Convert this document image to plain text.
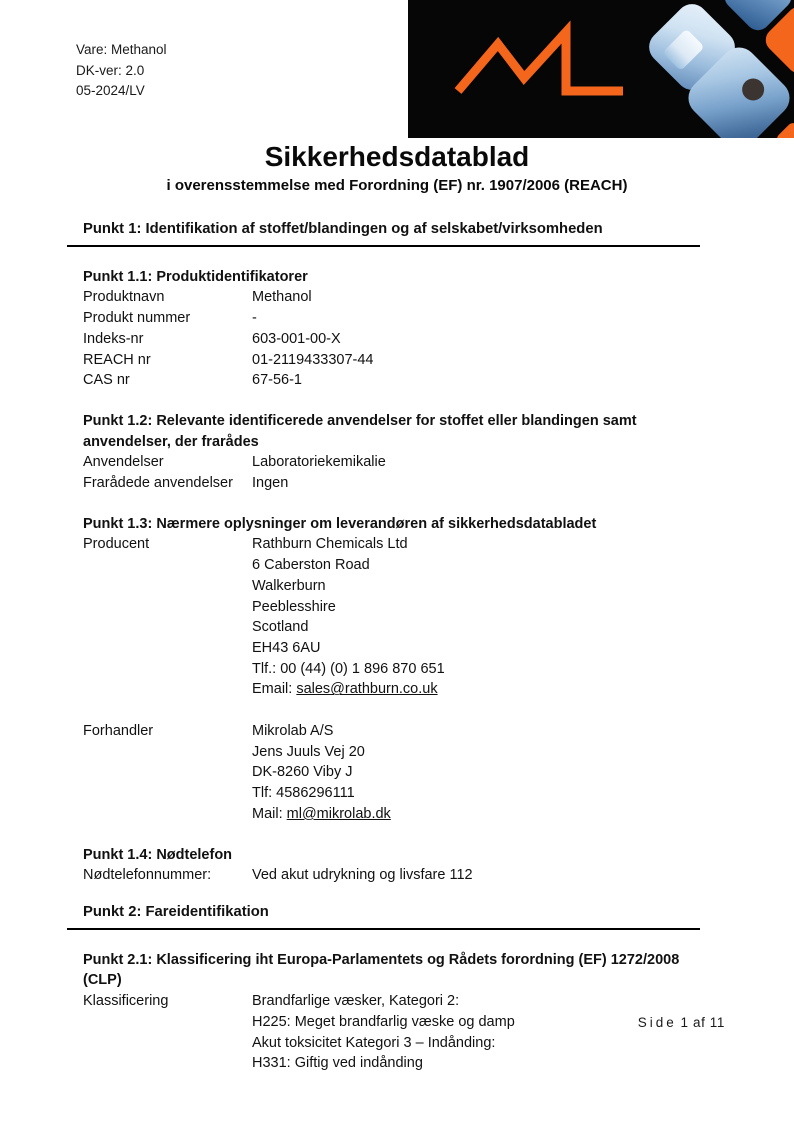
Vare: Methanol
DK-ver: 2.0
05-2024/LV
Sikkerhedsdatablad
i overensstemmelse med Forordning (EF) nr. 1907/2006 (REACH)
Punkt 1: Identifikation af stoffet/blandingen og af selskabet/virksomheden
Punkt 1.1: Produktidentifikatorer
Produktnavn	Methanol
Produkt nummer	-
Indeks-nr	603-001-00-X
REACH nr	01-2119433307-44
CAS nr	67-56-1
Punkt 1.2: Relevante identificerede anvendelser for stoffet eller blandingen samt anvendelser, der frarådes
Anvendelser	Laboratoriekemikalie
Frarådede anvendelser	Ingen
Punkt 1.3: Nærmere oplysninger om leverandøren af sikkerhedsdatabladet
Producent	Rathburn Chemicals Ltd
6 Caberston Road
Walkerburn
Peeblesshire
Scotland
EH43 6AU
Tlf.: 00 (44) (0) 1 896 870 651
Email: sales@rathburn.co.uk
Forhandler	Mikrolab A/S
Jens Juuls Vej 20
DK-8260 Viby J
Tlf: 4586296111
Mail: ml@mikrolab.dk
Punkt 1.4: Nødtelefon
Nødtelefonnummer:	Ved akut udrykning og livsfare 112
Punkt 2: Fareidentifikation
Punkt 2.1: Klassificering iht Europa-Parlamentets og Rådets forordning (EF) 1272/2008 (CLP)
Klassificering	Brandfarlige væsker, Kategori 2:
H225: Meget brandfarlig væske og damp
Akut toksicitet Kategori 3 – Indånding:
H331: Giftig ved indånding
Side 1 af 11
